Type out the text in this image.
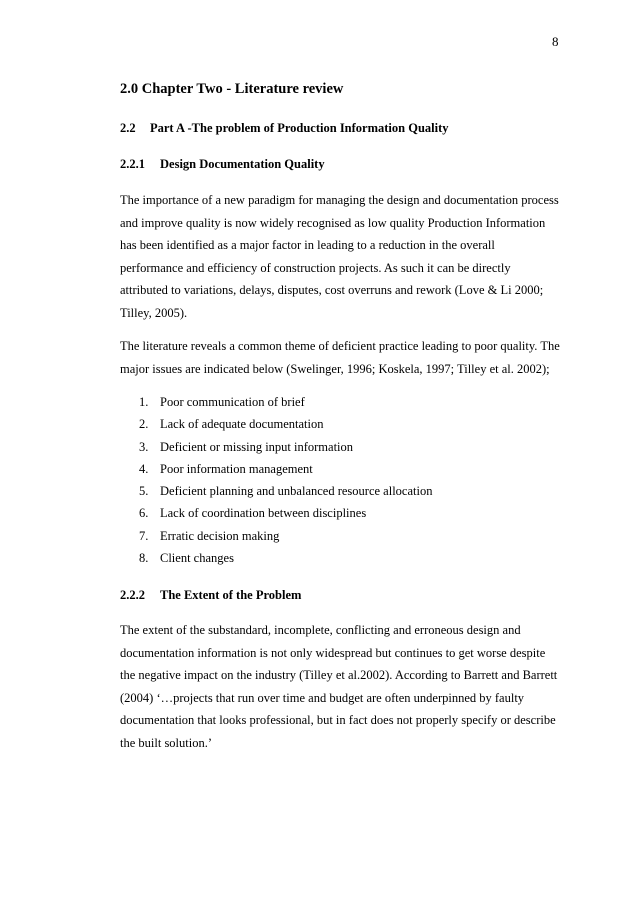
8
2.0 Chapter Two - Literature review
2.2 Part A -The problem of Production Information Quality
2.2.1 Design Documentation Quality

The importance of a new paradigm for managing the design and documentation process and improve quality is now widely recognised as low quality Production Information has been identified as a major factor in leading to a reduction in the overall performance and efficiency of construction projects. As such it can be directly attributed to variations, delays, disputes, cost overruns and rework (Love & Li 2000; Tilley, 2005).

The literature reveals a common theme of deficient practice leading to poor quality. The major issues are indicated below (Swelinger, 1996; Koskela, 1997; Tilley et al. 2002);

1. Poor communication of brief
2. Lack of adequate documentation
3. Deficient or missing input information
4. Poor information management
5. Deficient planning and unbalanced resource allocation
6. Lack of coordination between disciplines
7. Erratic decision making
8. Client changes
2.2.2 The Extent of the Problem

The extent of the substandard, incomplete, conflicting and erroneous design and documentation information is not only widespread but continues to get worse despite the negative impact on the industry (Tilley et al.2002). According to Barrett and Barrett (2004) ‘…projects that run over time and budget are often underpinned by faulty documentation that looks professional, but in fact does not properly specify or describe the built solution.’
